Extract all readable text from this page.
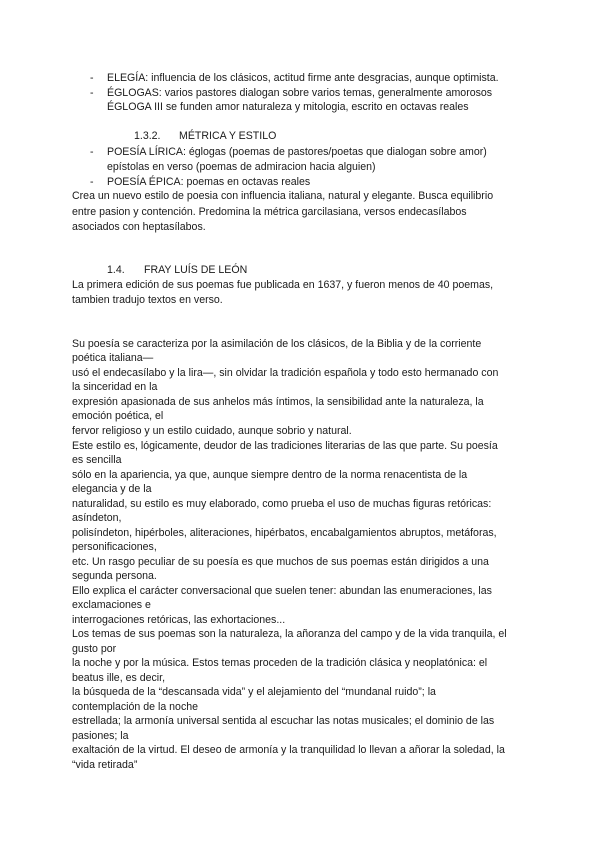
- ELEGÍA: influencia de los clásicos, actitud firme ante desgracias, aunque optimista.
- ÉGLOGAS: varios pastores dialogan sobre varios temas, generalmente amorosos
ÉGLOGA III se funden amor naturaleza y mitologia, escrito en octavas reales
1.3.2. MÉTRICA Y ESTILO
- POESÍA LÍRICA: églogas (poemas de pastores/poetas que dialogan sobre amor)
epístolas en verso (poemas de admiracion hacia alguien)
- POESÍA ÉPICA: poemas en octavas reales
Crea un nuevo estilo de poesia con influencia italiana, natural y elegante. Busca equilibrio
entre pasion y contención. Predomina la métrica garcilasiana, versos endecasílabos
asociados con heptasílabos.
1.4. FRAY LUÍS DE LEÓN
La primera edición de sus poemas fue publicada en 1637, y fueron menos de 40 poemas,
tambien tradujo textos en verso.
Su poesía se caracteriza por la asimilación de los clásicos, de la Biblia y de la corriente
poética italiana—
usó el endecasílabo y la lira—, sin olvidar la tradición española y todo esto hermanado con
la sinceridad en la
expresión apasionada de sus anhelos más íntimos, la sensibilidad ante la naturaleza, la
emoción poética, el
fervor religioso y un estilo cuidado, aunque sobrio y natural.
Este estilo es, lógicamente, deudor de las tradiciones literarias de las que parte. Su poesía
es sencilla
sólo en la apariencia, ya que, aunque siempre dentro de la norma renacentista de la
elegancia y de la
naturalidad, su estilo es muy elaborado, como prueba el uso de muchas figuras retóricas:
asíndeton,
polisíndeton, hipérboles, aliteraciones, hipérbatos, encabalgamientos abruptos, metáforas,
personificaciones,
etc. Un rasgo peculiar de su poesía es que muchos de sus poemas están dirigidos a una
segunda persona.
Ello explica el carácter conversacional que suelen tener: abundan las enumeraciones, las
exclamaciones e
interrogaciones retóricas, las exhortaciones...
Los temas de sus poemas son la naturaleza, la añoranza del campo y de la vida tranquila, el
gusto por
la noche y por la música. Estos temas proceden de la tradición clásica y neoplatónica: el
beatus ille, es decir,
la búsqueda de la “descansada vida” y el alejamiento del “mundanal ruido”; la
contemplación de la noche
estrellada; la armonía universal sentida al escuchar las notas musicales; el dominio de las
pasiones; la
exaltación de la virtud. El deseo de armonía y la tranquilidad lo llevan a añorar la soledad, la
“vida retirada”
